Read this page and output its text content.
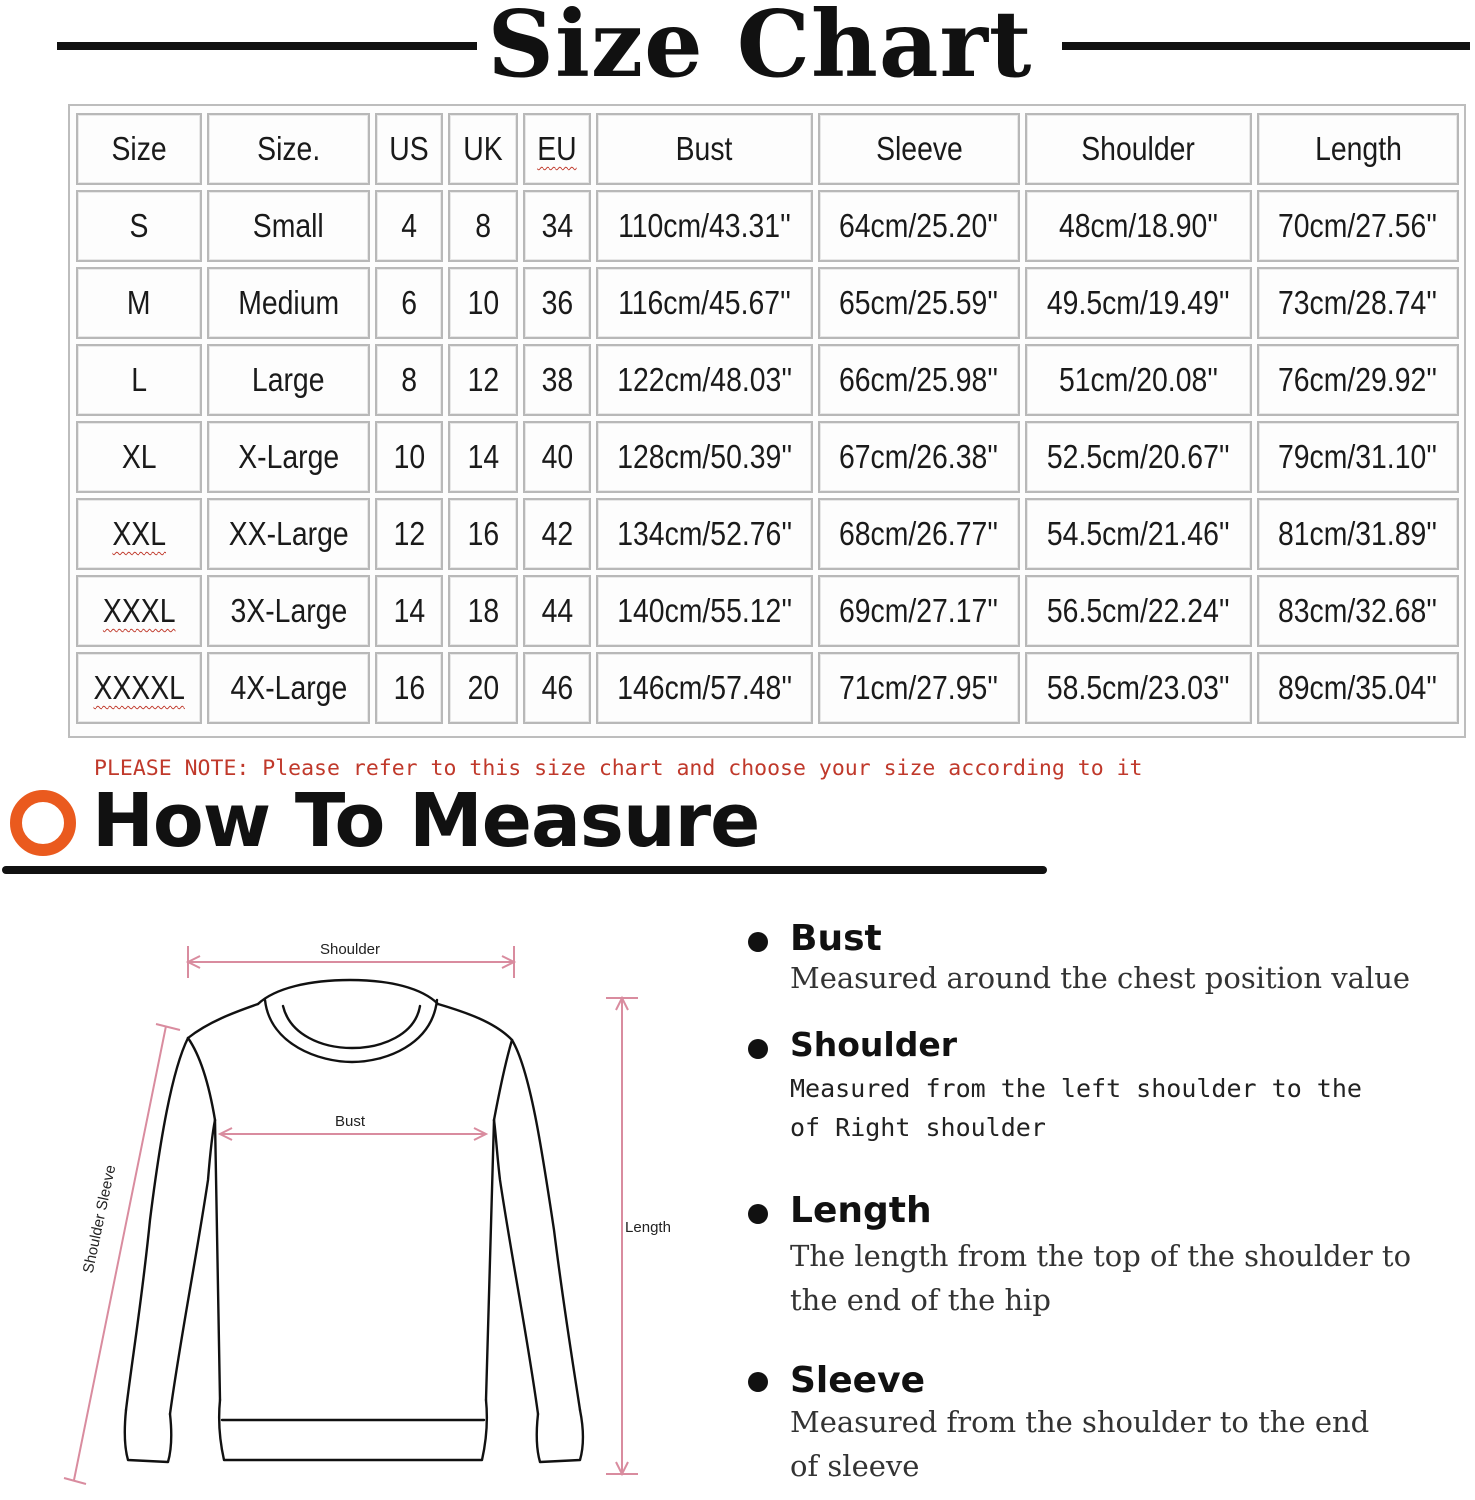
Size Chart
Size	Size.	US	UK	EU	Bust	Sleeve	Shoulder	Length
S	Small	4	8	34	110cm/43.31''	64cm/25.20''	48cm/18.90''	70cm/27.56''
M	Medium	6	10	36	116cm/45.67''	65cm/25.59''	49.5cm/19.49''	73cm/28.74''
L	Large	8	12	38	122cm/48.03''	66cm/25.98''	51cm/20.08''	76cm/29.92''
XL	X-Large	10	14	40	128cm/50.39''	67cm/26.38''	52.5cm/20.67''	79cm/31.10''
XXL	XX-Large	12	16	42	134cm/52.76''	68cm/26.77''	54.5cm/21.46''	81cm/31.89''
XXXL	3X-Large	14	18	44	140cm/55.12''	69cm/27.17''	56.5cm/22.24''	83cm/32.68''
XXXXL	4X-Large	16	20	46	146cm/57.48''	71cm/27.95''	58.5cm/23.03''	89cm/35.04''
PLEASE NOTE: Please refer to this size chart and choose your size according to it
How To Measure
Shoulder
Bust
Length
Shoulder Sleeve
Bust
Measured around the chest position value
Shoulder
Measured from the left shoulder to the
of Right shoulder
Length
The length from the top of the shoulder to
the end of the hip
Sleeve
Measured from the shoulder to the end
of sleeve
